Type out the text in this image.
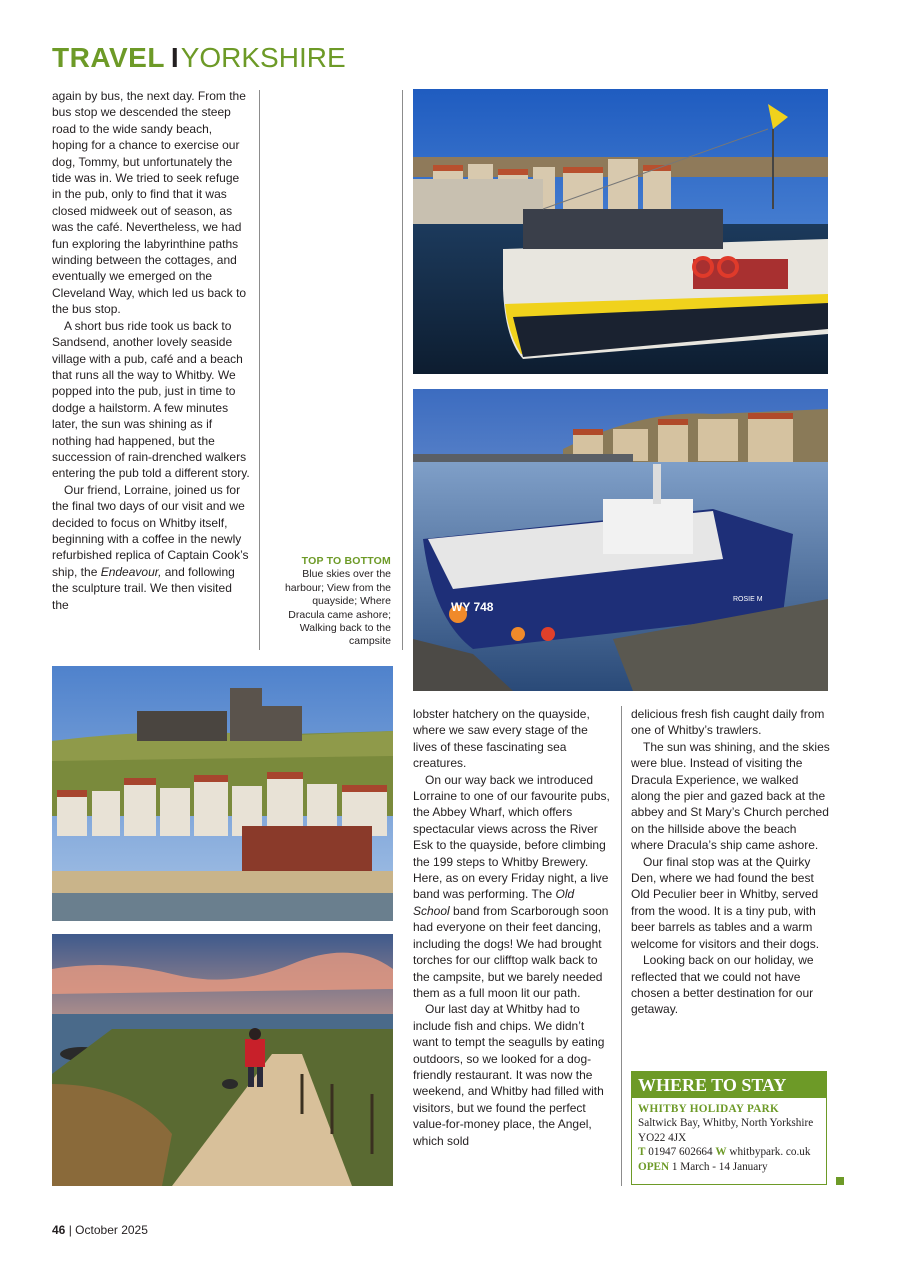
TRAVEL IYORKSHIRE

again by bus, the next day. From the bus stop we descended the steep road to the wide sandy beach, hoping for a chance to exercise our dog, Tommy, but unfortunately the tide was in. We tried to seek refuge in the pub, only to find that it was closed midweek out of season, as was the café. Nevertheless, we had fun exploring the labyrinthine paths winding between the cottages, and eventually we emerged on the Cleveland Way, which led us back to the bus stop.

A short bus ride took us back to Sandsend, another lovely seaside village with a pub, café and a beach that runs all the way to Whitby. We popped into the pub, just in time to dodge a hailstorm. A few minutes later, the sun was shining as if nothing had happened, but the succession of rain-drenched walkers entering the pub told a different story.

Our friend, Lorraine, joined us for the final two days of our visit and we decided to focus on Whitby itself, beginning with a coffee in the newly refurbished replica of Captain Cook’s ship, the Endeavour, and following the sculpture trail. We then visited the

TOP TO BOTTOM
Blue skies over the harbour; View from the quayside; Where Dracula came ashore; Walking back to the campsite
WY 748
ROSIE M

lobster hatchery on the quayside, where we saw every stage of the lives of these fascinating sea creatures.

On our way back we introduced Lorraine to one of our favourite pubs, the Abbey Wharf, which offers spectacular views across the River Esk to the quayside, before climbing the 199 steps to Whitby Brewery. Here, as on every Friday night, a live band was performing. The Old School band from Scarborough soon had everyone on their feet dancing, including the dogs! We had brought torches for our clifftop walk back to the campsite, but we barely needed them as a full moon lit our path.

Our last day at Whitby had to include fish and chips. We didn’t want to tempt the seagulls by eating outdoors, so we looked for a dog-friendly restaurant. It was now the weekend, and Whitby had filled with visitors, but we found the perfect value-for-money place, the Angel, which sold

delicious fresh fish caught daily from one of Whitby’s trawlers.

The sun was shining, and the skies were blue. Instead of visiting the Dracula Experience, we walked along the pier and gazed back at the abbey and St Mary’s Church perched on the hillside above the beach where Dracula’s ship came ashore.

Our final stop was at the Quirky Den, where we had found the best Old Peculier beer in Whitby, served from the wood. It is a tiny pub, with beer barrels as tables and a warm welcome for visitors and their dogs.

Looking back on our holiday, we reflected that we could not have chosen a better destination for our getaway.

WHERE TO STAY
WHITBY HOLIDAY PARK
Saltwick Bay, Whitby, North Yorkshire YO22 4JX
T 01947 602664 W whitbypark. co.uk OPEN 1 March - 14 January
46 | October 2025
